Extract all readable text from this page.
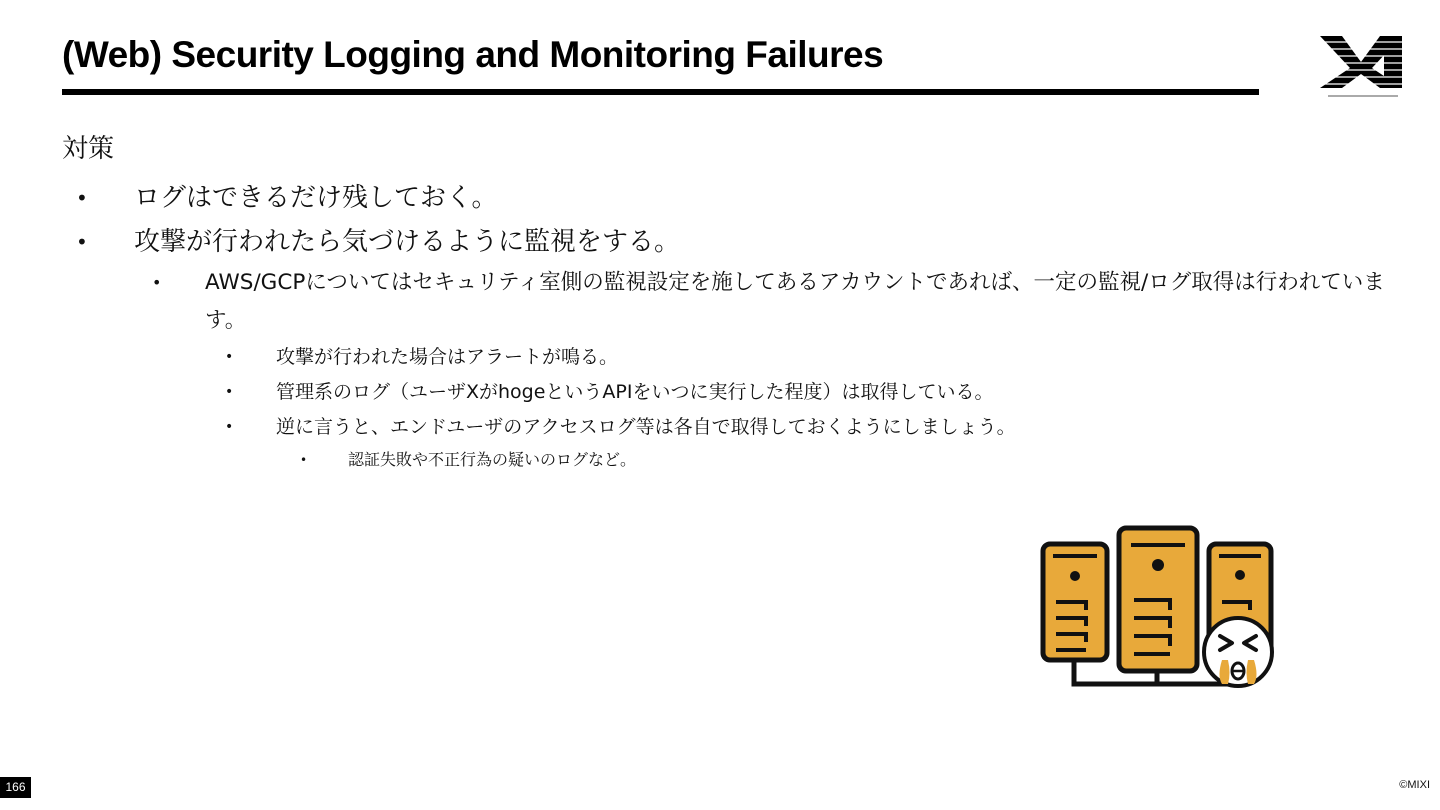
(Web) Security Logging and Monitoring Failures
対策
• ログはできるだけ残しておく。
• 攻撃が行われたら気づけるように監視をする。
• AWS/GCPについてはセキュリティ室側の監視設定を施してあるアカウントであれば、一定の監視/ログ取得は行われています。
• 攻撃が行われた場合はアラートが鳴る。
• 管理系のログ（ユーザXがhogeというAPIをいつに実行した程度）は取得している。
• 逆に言うと、エンドユーザのアクセスログ等は各自で取得しておくようにしましょう。
•	認証失敗や不正行為の疑いのログなど。
166	©MIXI
